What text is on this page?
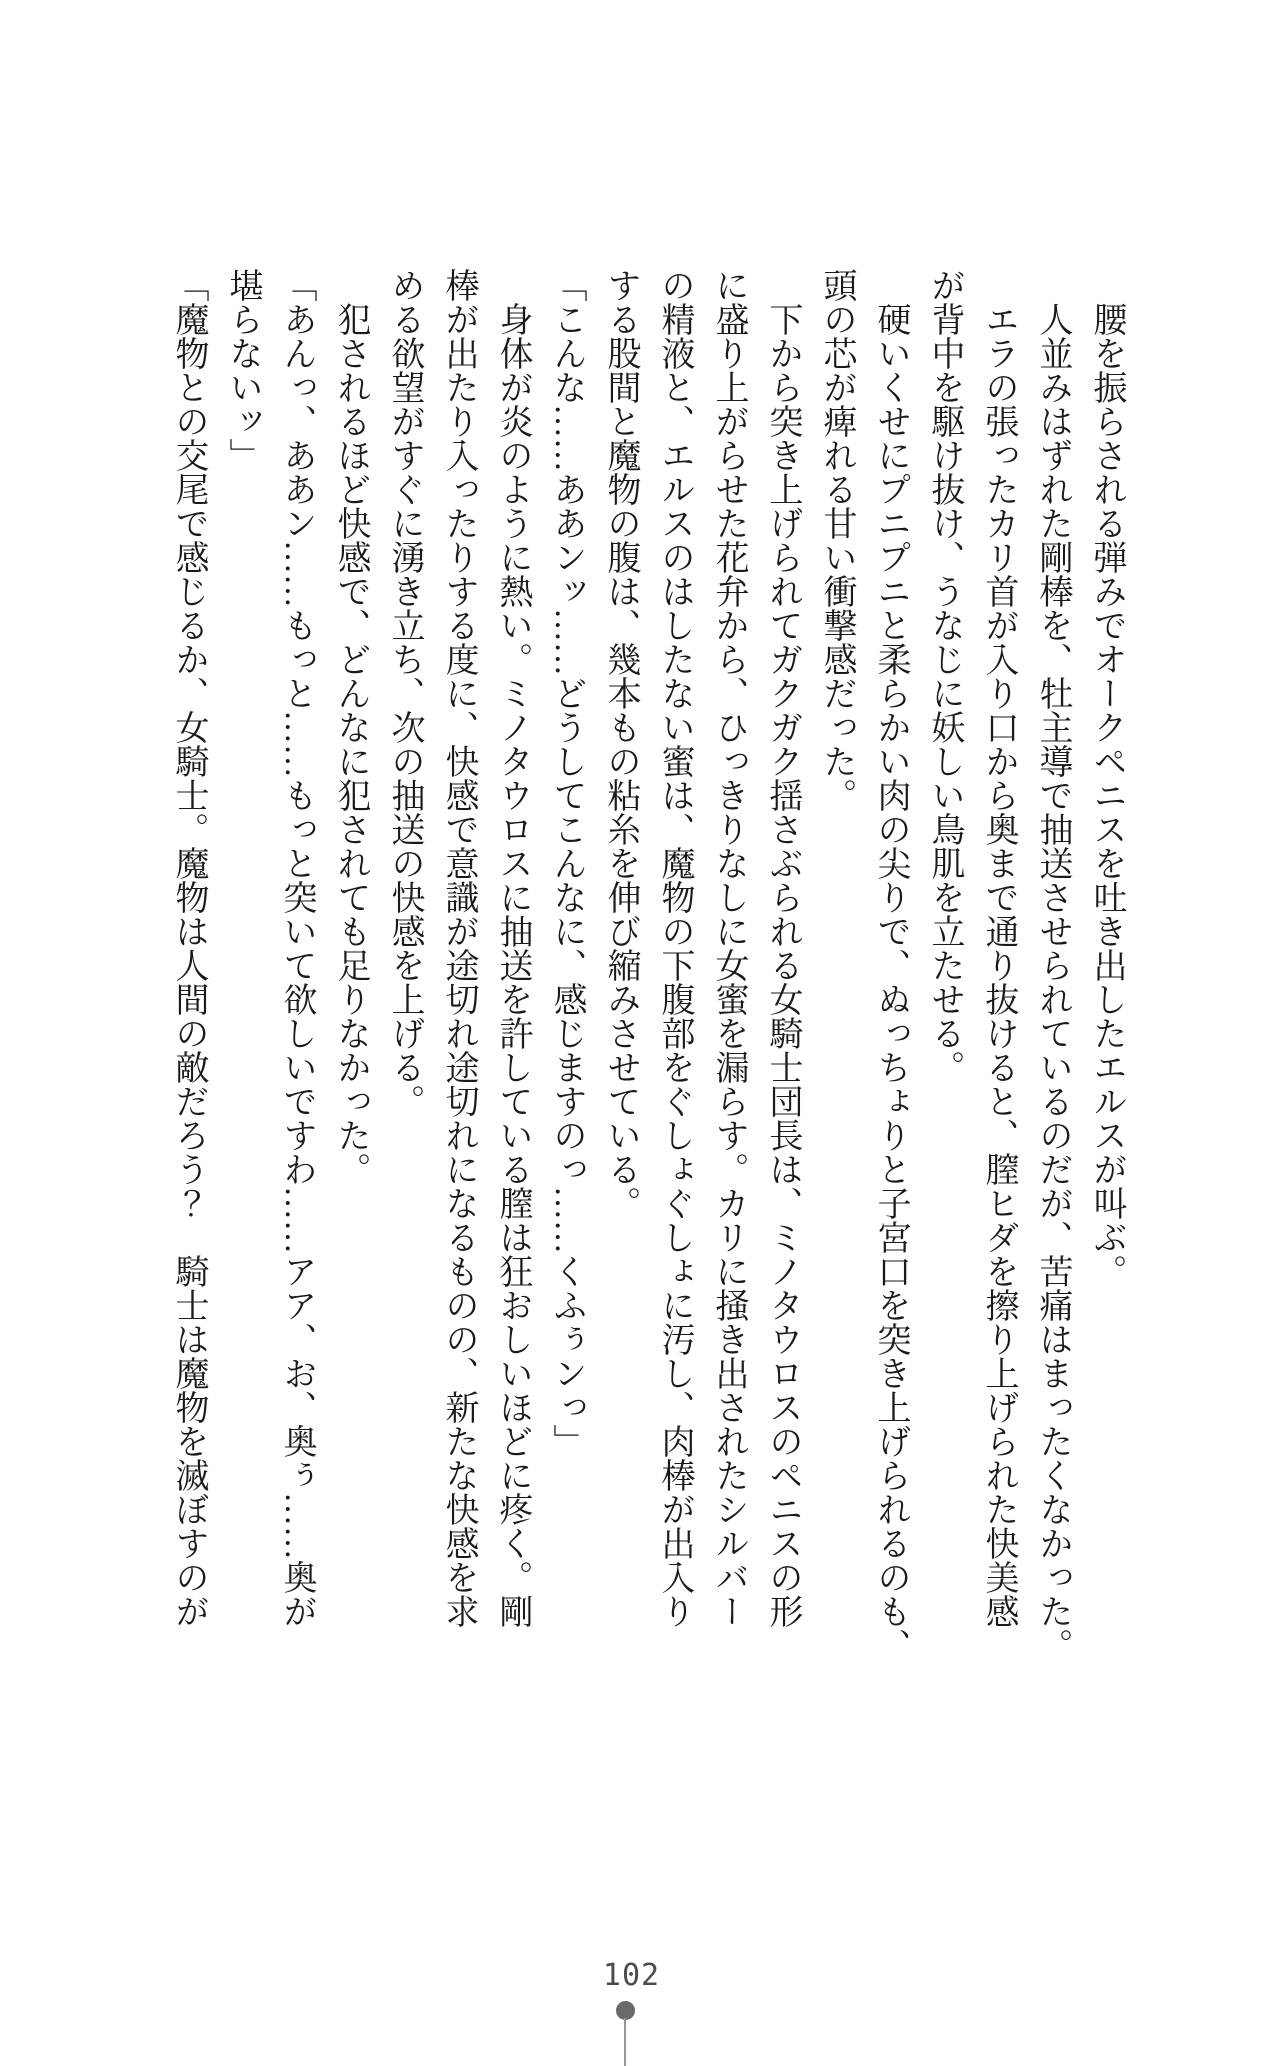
　腰を振らされる弾みでオークペニスを吐き出したエルスが叫ぶ。

　人並みはずれた剛棒を、牡主導で抽送させられているのだが、苦痛はまったくなかった。

　エラの張ったカリ首が入り口から奥まで通り抜けると、膣ヒダを擦り上げられた快美感

が背中を駆け抜け、うなじに妖しい鳥肌を立たせる。

　硬いくせにプニプニと柔らかい肉の尖りで、ぬっちょりと子宮口を突き上げられるのも、

頭の芯が痺れる甘い衝撃感だった。

　下から突き上げられてガクガク揺さぶられる女騎士団長は、ミノタウロスのペニスの形

に盛り上がらせた花弁から、ひっきりなしに女蜜を漏らす。カリに掻き出されたシルバー

の精液と、エルスのはしたない蜜は、魔物の下腹部をぐしょぐしょに汚し、肉棒が出入り

する股間と魔物の腹は、幾本もの粘糸を伸び縮みさせている。

「こんな……ああンッ……どうしてこんなに、感じますのっ……くふぅンっ」

　身体が炎のように熱い。ミノタウロスに抽送を許している膣は狂おしいほどに疼く。剛

棒が出たり入ったりする度に、快感で意識が途切れ途切れになるものの、新たな快感を求

める欲望がすぐに湧き立ち、次の抽送の快感を上げる。

　犯されるほど快感で、どんなに犯されても足りなかった。

「あんっ、ああン……もっと……もっと突いて欲しいですわ……アア、お、奥ぅ……奥が

堪らないッ」

「魔物との交尾で感じるか、女騎士。魔物は人間の敵だろう？　騎士は魔物を滅ぼすのが

102
